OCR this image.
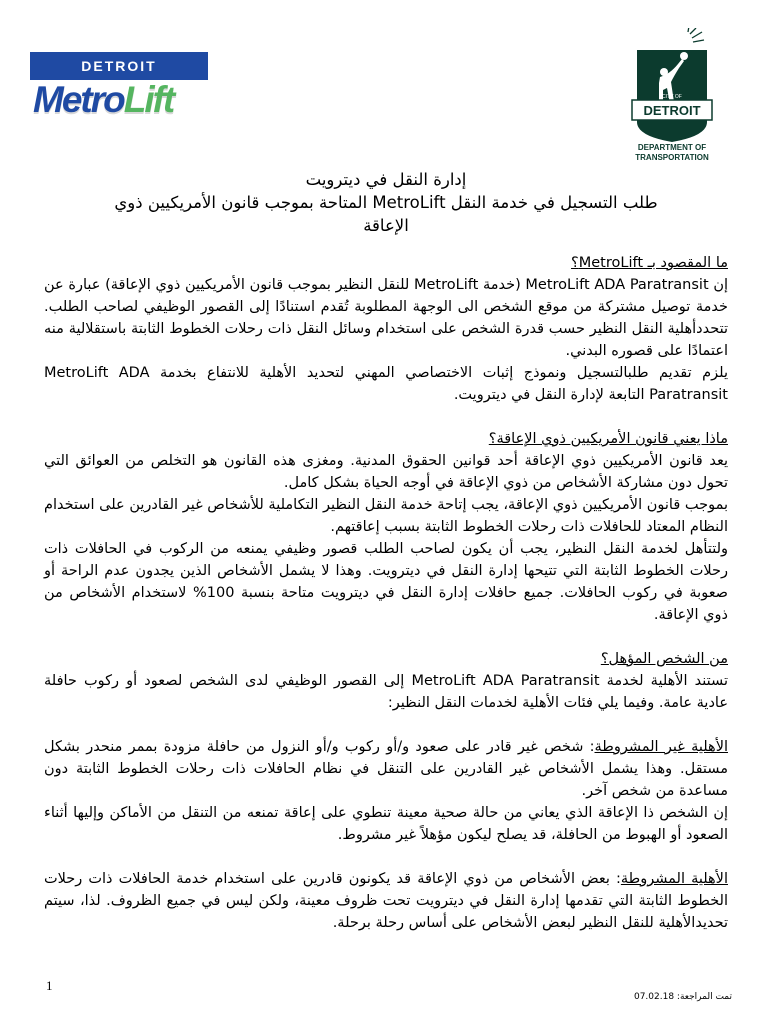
DETROIT
MetroLift	CITY OF
DETROIT
DEPARTMENT OF
TRANSPORTATION
إدارة النقل في ديترويت
طلب التسجيل في خدمة النقل MetroLift المتاحة بموجب قانون الأمريكيين ذوي
الإعاقة
ما المقصود بـ MetroLift؟

إن MetroLift ADA Paratransit (خدمة MetroLift للنقل النظير بموجب قانون الأمريكيين ذوي الإعاقة) عبارة عن خدمة توصيل مشتركة من موقع الشخص الى الوجهة المطلوبة تُقدم استنادًا إلى القصور الوظيفي لصاحب الطلب. تتحددأهلية النقل النظير حسب قدرة الشخص على استخدام وسائل النقل ذات رحلات الخطوط الثابتة باستقلالية منه اعتمادًا على قصوره البدني.

يلزم تقديم طلبالتسجيل ونموذج إثبات الاختصاصي المهني لتحديد الأهلية للانتفاع بخدمة MetroLift ADA Paratransit التابعة لإدارة النقل في ديترويت.

ماذا يعني قانون الأمريكيين ذوي الإعاقة؟

يعد قانون الأمريكيين ذوي الإعاقة أحد قوانين الحقوق المدنية. ومغزى هذه القانون هو التخلص من العوائق التي تحول دون مشاركة الأشخاص من ذوي الإعاقة في أوجه الحياة بشكل كامل.

بموجب قانون الأمريكيين ذوي الإعاقة، يجب إتاحة خدمة النقل النظير التكاملية للأشخاص غير القادرين على استخدام النظام المعتاد للحافلات ذات رحلات الخطوط الثابتة بسبب إعاقتهم.

ولتتأهل لخدمة النقل النظير، يجب أن يكون لصاحب الطلب قصور وظيفي يمنعه من الركوب في الحافلات ذات رحلات الخطوط الثابتة التي تتيحها إدارة النقل في ديترويت. وهذا لا يشمل الأشخاص الذين يجدون عدم الراحة أو صعوبة في ركوب الحافلات. جميع حافلات إدارة النقل في ديترويت متاحة بنسبة 100% لاستخدام الأشخاص من ذوي الإعاقة.

من الشخص المؤهل؟

تستند الأهلية لخدمة MetroLift ADA Paratransit إلى القصور الوظيفي لدى الشخص لصعود أو ركوب حافلة عادية عامة. وفيما يلي فئات الأهلية لخدمات النقل النظير:

الأهلية غير المشروطة: شخص غير قادر على صعود و/أو ركوب و/أو النزول من حافلة مزودة بممر منحدر بشكل مستقل. وهذا يشمل الأشخاص غير القادرين على التنقل في نظام الحافلات ذات رحلات الخطوط الثابتة دون مساعدة من شخص آخر.

إن الشخص ذا الإعاقة الذي يعاني من حالة صحية معينة تنطوي على إعاقة تمنعه من التنقل من الأماكن وإليها أثناء الصعود أو الهبوط من الحافلة، قد يصلح ليكون مؤهلاً غير مشروط.

الأهلية المشروطة: بعض الأشخاص من ذوي الإعاقة قد يكونون قادرين على استخدام خدمة الحافلات ذات رحلات الخطوط الثابتة التي تقدمها إدارة النقل في ديترويت تحت ظروف معينة، ولكن ليس في جميع الظروف. لذا، سيتم تحديدالأهلية للنقل النظير لبعض الأشخاص على أساس رحلة برحلة.

1
تمت المراجعة: 07.02.18
